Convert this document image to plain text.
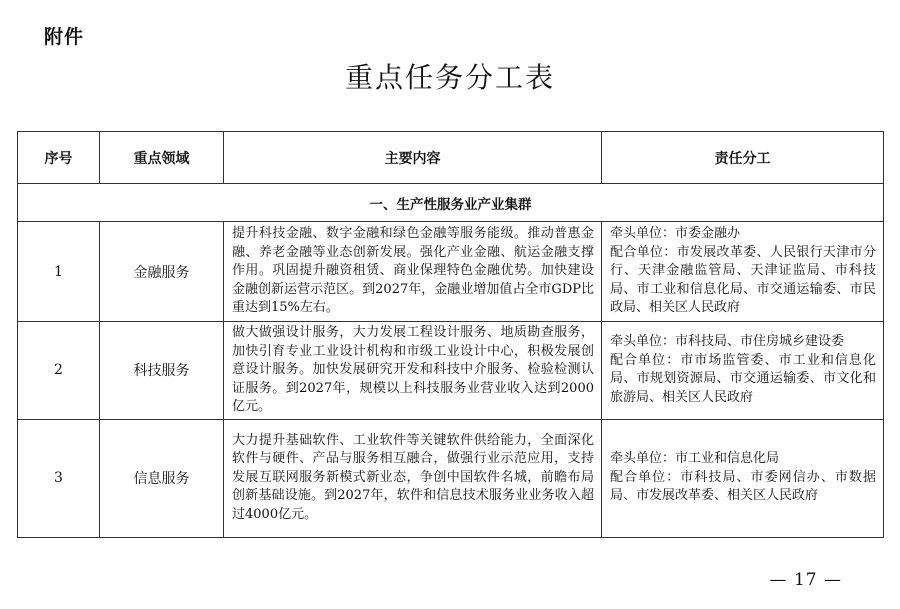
附件
重点任务分工表
序号	重点领域	主要内容	责任分工
一、生产性服务业产业集群			
1	金融服务	提升科技金融、数字金融和绿色金融等服务能级。推动普惠金融、养老金融等业态创新发展。强化产业金融、航运金融支撑作用。巩固提升融资租赁、商业保理特色金融优势。加快建设金融创新运营示范区。到2027年，金融业增加值占全市GDP比重达到15%左右。	牵头单位：市委金融办
配合单位：市发展改革委、人民银行天津市分行、天津金融监管局、天津证监局、市科技局、市工业和信息化局、市交通运输委、市民政局、相关区人民政府

2	科技服务	做大做强设计服务，大力发展工程设计服务、地质勘查服务，加快引育专业工业设计机构和市级工业设计中心，积极发展创意设计服务。加快发展研究开发和科技中介服务、检验检测认证服务。到2027年，规模以上科技服务业营业收入达到2000亿元。	牵头单位：市科技局、市住房城乡建设委
配合单位：市市场监管委、市工业和信息化局、市规划资源局、市交通运输委、市文化和旅游局、相关区人民政府

3	信息服务	大力提升基础软件、工业软件等关键软件供给能力，全面深化软件与硬件、产品与服务相互融合，做强行业示范应用，支持发展互联网服务新模式新业态，争创中国软件名城，前瞻布局创新基础设施。到2027年，软件和信息技术服务业业务收入超过4000亿元。	牵头单位：市工业和信息化局
配合单位：市科技局、市委网信办、市数据局、市发展改革委、相关区人民政府
— 17 —
